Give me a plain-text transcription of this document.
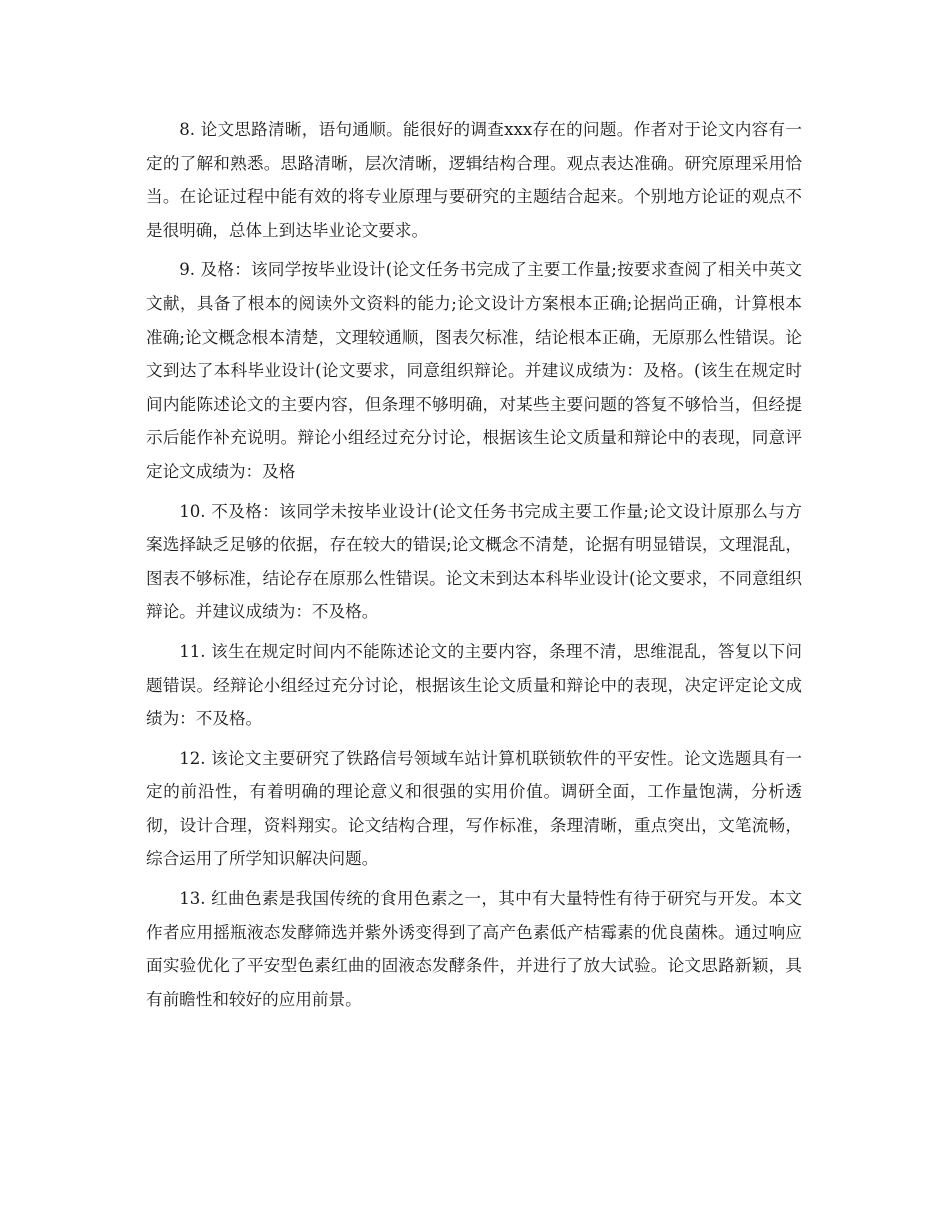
8. 论文思路清晰，语句通顺。能很好的调查xxx存在的问题。作者对于论文内容有一定的了解和熟悉。思路清晰，层次清晰，逻辑结构合理。观点表达准确。研究原理采用恰当。在论证过程中能有效的将专业原理与要研究的主题结合起来。个别地方论证的观点不是很明确，总体上到达毕业论文要求。

9. 及格：该同学按毕业设计(论文任务书完成了主要工作量;按要求查阅了相关中英文文献，具备了根本的阅读外文资料的能力;论文设计方案根本正确;论据尚正确，计算根本准确;论文概念根本清楚，文理较通顺，图表欠标准，结论根本正确，无原那么性错误。论文到达了本科毕业设计(论文要求，同意组织辩论。并建议成绩为：及格。(该生在规定时间内能陈述论文的主要内容，但条理不够明确，对某些主要问题的答复不够恰当，但经提示后能作补充说明。辩论小组经过充分讨论，根据该生论文质量和辩论中的表现，同意评定论文成绩为：及格

10. 不及格：该同学未按毕业设计(论文任务书完成主要工作量;论文设计原那么与方案选择缺乏足够的依据，存在较大的错误;论文概念不清楚，论据有明显错误，文理混乱，图表不够标准，结论存在原那么性错误。论文未到达本科毕业设计(论文要求，不同意组织辩论。并建议成绩为：不及格。

11. 该生在规定时间内不能陈述论文的主要内容，条理不清，思维混乱，答复以下问题错误。经辩论小组经过充分讨论，根据该生论文质量和辩论中的表现，决定评定论文成绩为：不及格。

12. 该论文主要研究了铁路信号领域车站计算机联锁软件的平安性。论文选题具有一定的前沿性，有着明确的理论意义和很强的实用价值。调研全面，工作量饱满，分析透彻，设计合理，资料翔实。论文结构合理，写作标准，条理清晰，重点突出，文笔流畅，综合运用了所学知识解决问题。

13. 红曲色素是我国传统的食用色素之一，其中有大量特性有待于研究与开发。本文作者应用摇瓶液态发酵筛选并紫外诱变得到了高产色素低产桔霉素的优良菌株。通过响应面实验优化了平安型色素红曲的固液态发酵条件，并进行了放大试验。论文思路新颖，具有前瞻性和较好的应用前景。
